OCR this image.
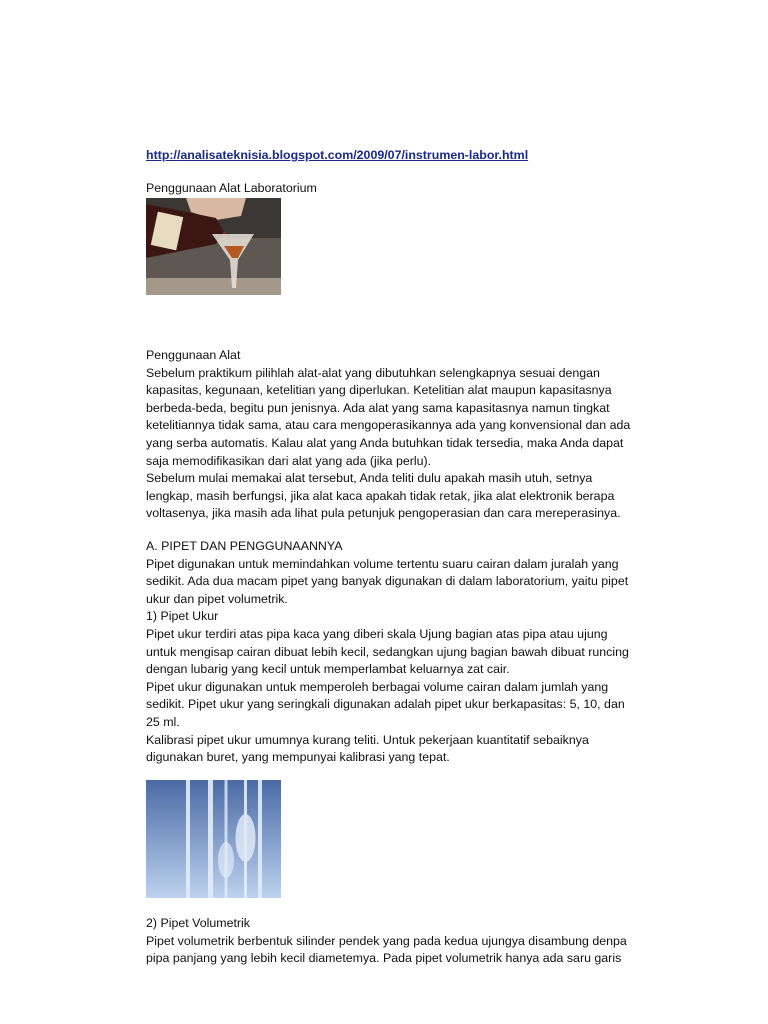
http://analisateknisia.blogspot.com/2009/07/instrumen-labor.html
Penggunaan Alat Laboratorium

Penggunaan Alat

Sebelum praktikum pilihlah alat-alat yang dibutuhkan selengkapnya sesuai dengan

kapasitas, kegunaan, ketelitian yang diperlukan. Ketelitian alat maupun kapasitasnya

berbeda-beda, begitu pun jenisnya. Ada alat yang sama kapasitasnya namun tingkat

ketelitiannya tidak sama, atau cara mengoperasikannya ada yang konvensional dan ada

yang serba automatis. Kalau alat yang Anda butuhkan tidak tersedia, maka Anda dapat

saja memodifikasikan dari alat yang ada (jika perlu).

Sebelum mulai memakai alat tersebut, Anda teliti dulu apakah masih utuh, setnya

lengkap, masih berfungsi, jika alat kaca apakah tidak retak, jika alat elektronik berapa

voltasenya, jika masih ada lihat pula petunjuk pengoperasian dan cara mereperasinya.

A. PIPET DAN PENGGUNAANNYA

Pipet digunakan untuk memindahkan volume tertentu suaru cairan dalam juralah yang

sedikit. Ada dua macam pipet yang banyak digunakan di dalam laboratorium, yaitu pipet

ukur dan pipet volumetrik.

1) Pipet Ukur

Pipet ukur terdiri atas pipa kaca yang diberi skala Ujung bagian atas pipa atau ujung

untuk mengisap cairan dibuat lebih kecil, sedangkan ujung bagian bawah dibuat runcing

dengan lubarig yang kecil untuk memperlambat keluarnya zat cair.

Pipet ukur digunakan untuk memperoleh berbagai volume cairan dalam jumlah yang

sedikit. Pipet ukur yang seringkali digunakan adalah pipet ukur berkapasitas: 5, 10, dan

25 ml.

Kalibrasi pipet ukur umumnya kurang teliti. Untuk pekerjaan kuantitatif sebaiknya

digunakan buret, yang mempunyai kalibrasi yang tepat.

2) Pipet Volumetrik

Pipet volumetrik berbentuk silinder pendek yang pada kedua ujungya disambung denpa

pipa panjang yang lebih kecil diametemya. Pada pipet volumetrik hanya ada saru garis
